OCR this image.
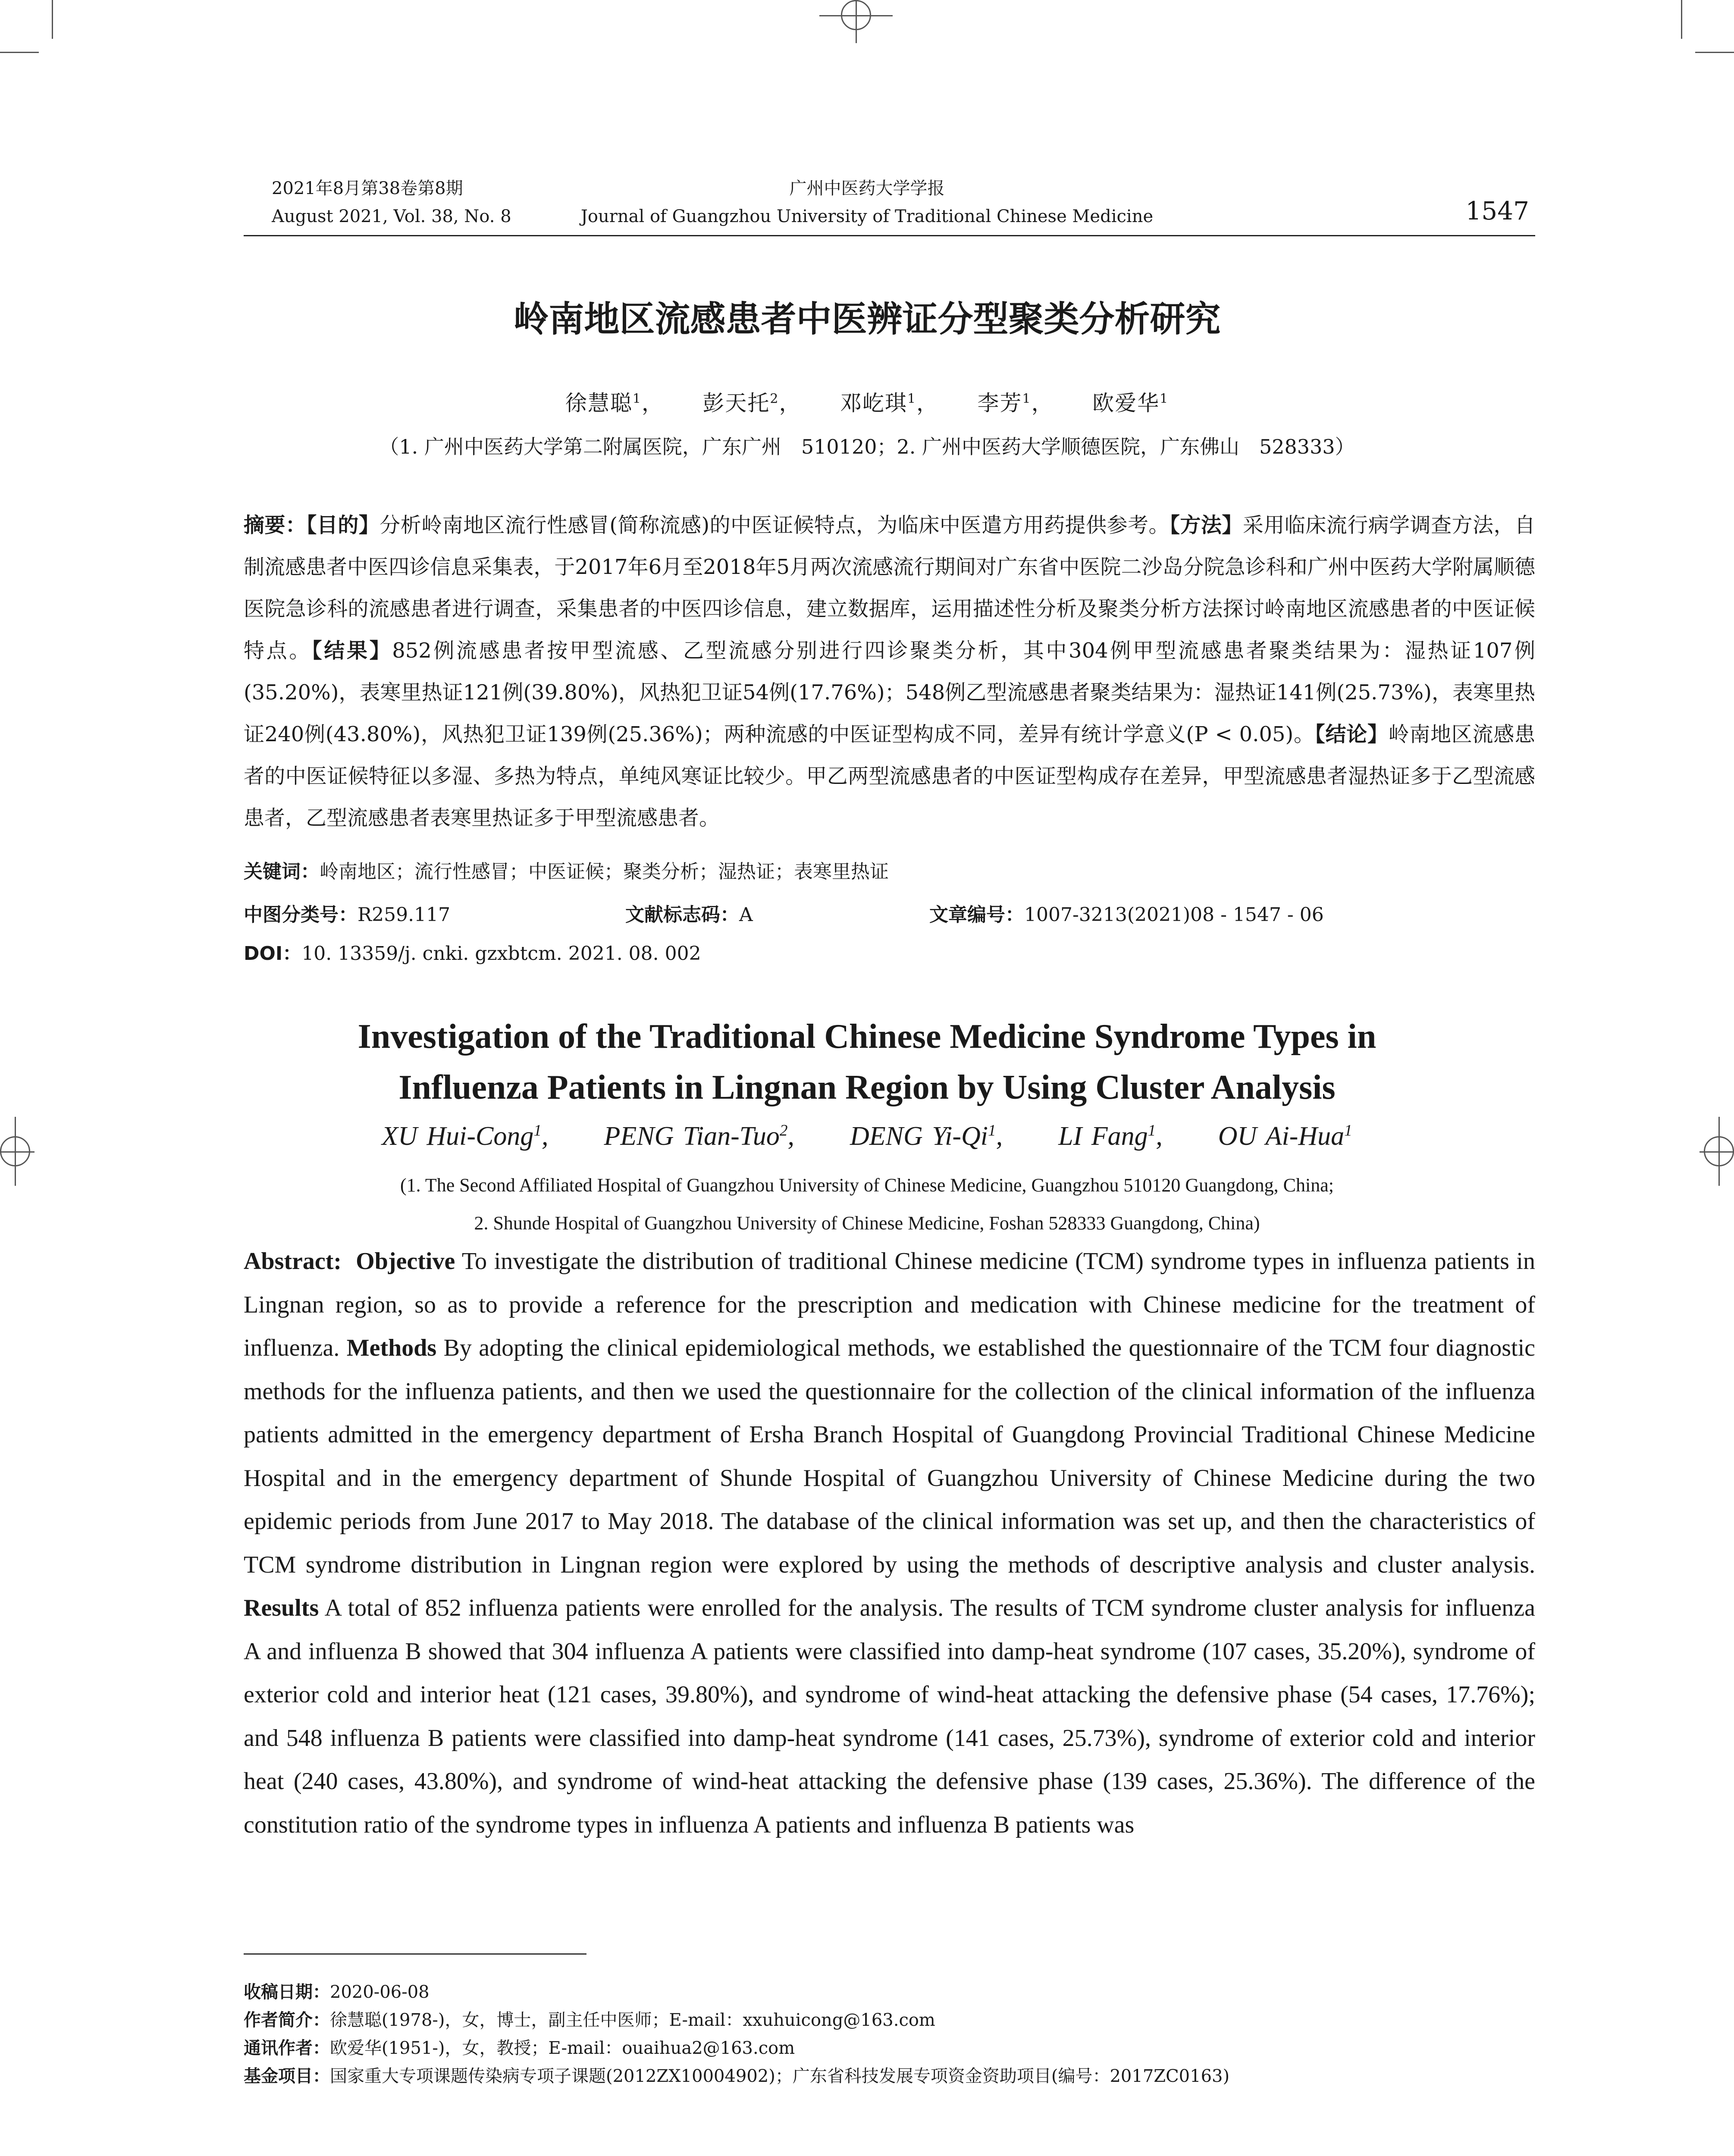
2021年8月第38卷第8期
August 2021, Vol. 38, No. 8
广州中医药大学学报
Journal of Guangzhou University of Traditional Chinese Medicine	1547
岭南地区流感患者中医辨证分型聚类分析研究
徐慧聪$^1$，     彭天托$^2$，     邓屹琪$^1$，     李芳$^1$，     欧爱华$^1$
（1. 广州中医药大学第二附属医院，广东广州　510120；2. 广州中医药大学顺德医院，广东佛山　528333）
摘要：【目的】分析岭南地区流行性感冒(简称流感)的中医证候特点，为临床中医遣方用药提供参考。【方法】采用临床流行病学调查方法，自制流感患者中医四诊信息采集表，于2017年6月至2018年5月两次流感流行期间对广东省中医院二沙岛分院急诊科和广州中医药大学附属顺德医院急诊科的流感患者进行调查，采集患者的中医四诊信息，建立数据库，运用描述性分析及聚类分析方法探讨岭南地区流感患者的中医证候特点。【结果】852例流感患者按甲型流感、乙型流感分别进行四诊聚类分析，其中304例甲型流感患者聚类结果为：湿热证107例(35.20%)，表寒里热证121例(39.80%)，风热犯卫证54例(17.76%)；548例乙型流感患者聚类结果为：湿热证141例(25.73%)，表寒里热证240例(43.80%)，风热犯卫证139例(25.36%)；两种流感的中医证型构成不同，差异有统计学意义(P < 0.05)。【结论】岭南地区流感患者的中医证候特征以多湿、多热为特点，单纯风寒证比较少。甲乙两型流感患者的中医证型构成存在差异，甲型流感患者湿热证多于乙型流感患者，乙型流感患者表寒里热证多于甲型流感患者。
关键词：岭南地区；流行性感冒；中医证候；聚类分析；湿热证；表寒里热证
中图分类号：R259.117	文献标志码：A	文章编号：1007-3213(2021)08 - 1547 - 06
DOI：10. 13359/j. cnki. gzxbtcm. 2021. 08. 002
Investigation of the Traditional Chinese Medicine Syndrome Types in
Influenza Patients in Lingnan Region by Using Cluster Analysis
XU Hui-Cong$^1$,      PENG Tian-Tuo$^2$,      DENG Yi-Qi$^1$,      LI Fang$^1$,      OU Ai-Hua$^1$
(1. The Second Affiliated Hospital of Guangzhou University of Chinese Medicine, Guangzhou 510120 Guangdong, China;
2. Shunde Hospital of Guangzhou University of Chinese Medicine, Foshan 528333 Guangdong, China)
Abstract: Objective To investigate the distribution of traditional Chinese medicine (TCM) syndrome types in influenza patients in Lingnan region, so as to provide a reference for the prescription and medication with Chinese medicine for the treatment of influenza. Methods By adopting the clinical epidemiological methods, we established the questionnaire of the TCM four diagnostic methods for the influenza patients, and then we used the questionnaire for the collection of the clinical information of the influenza patients admitted in the emergency department of Ersha Branch Hospital of Guangdong Provincial Traditional Chinese Medicine Hospital and in the emergency department of Shunde Hospital of Guangzhou University of Chinese Medicine during the two epidemic periods from June 2017 to May 2018. The database of the clinical information was set up, and then the characteristics of TCM syndrome distribution in Lingnan region were explored by using the methods of descriptive analysis and cluster analysis. Results A total of 852 influenza patients were enrolled for the analysis. The results of TCM syndrome cluster analysis for influenza A and influenza B showed that 304 influenza A patients were classified into damp-heat syndrome (107 cases, 35.20%), syndrome of exterior cold and interior heat (121 cases, 39.80%), and syndrome of wind-heat attacking the defensive phase (54 cases, 17.76%); and 548 influenza B patients were classified into damp-heat syndrome (141 cases, 25.73%), syndrome of exterior cold and interior heat (240 cases, 43.80%), and syndrome of wind-heat attacking the defensive phase (139 cases, 25.36%). The difference of the constitution ratio of the syndrome types in influenza A patients and influenza B patients was
收稿日期：2020-06-08
作者简介：徐慧聪(1978-)，女，博士，副主任中医师；E-mail：xxuhuicong@163.com
通讯作者：欧爱华(1951-)，女，教授；E-mail：ouaihua2@163.com
基金项目：国家重大专项课题传染病专项子课题(2012ZX10004902)；广东省科技发展专项资金资助项目(编号：2017ZC0163)
